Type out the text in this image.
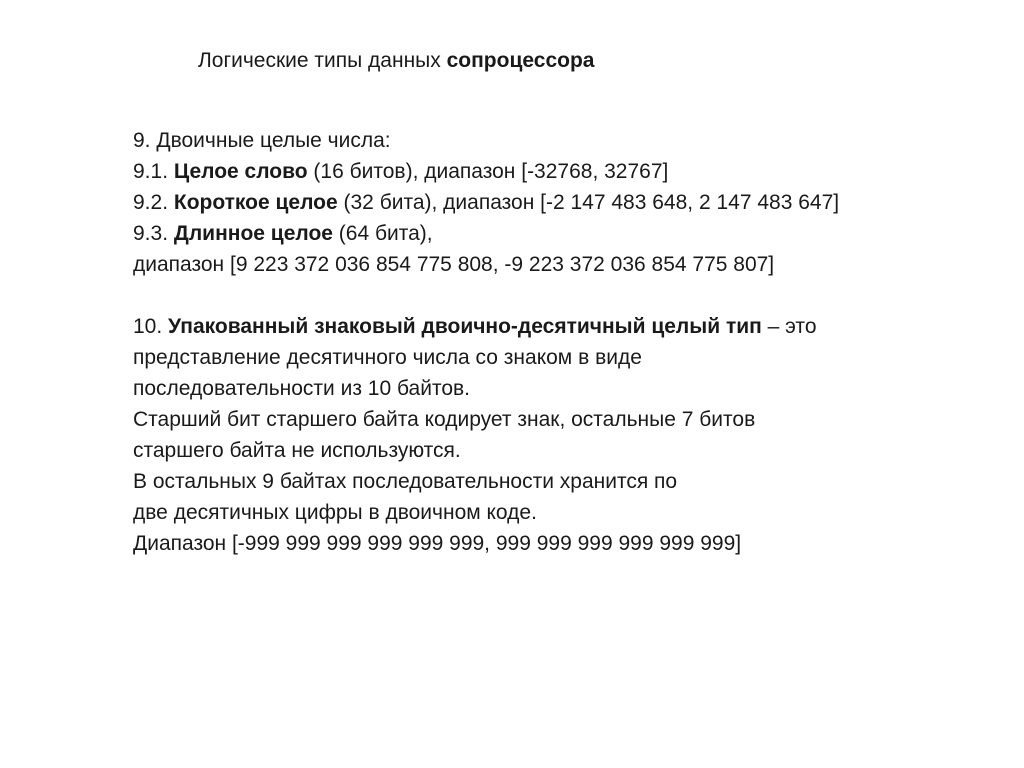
Логические типы данных сопроцессора
9. Двоичные целые числа:
9.1. Целое слово (16 битов), диапазон [-32768, 32767]
9.2. Короткое целое (32 бита), диапазон [-2 147 483 648, 2 147 483 647]
9.3. Длинное целое (64 бита),
диапазон [9 223 372 036 854 775 808, -9 223 372 036 854 775 807]
10. Упакованный знаковый двоично-десятичный целый тип – это
представление десятичного числа со знаком в виде
последовательности из 10 байтов.
Старший бит старшего байта кодирует знак, остальные 7 битов
старшего байта не используются.
В остальных 9 байтах последовательности хранится по
две десятичных цифры в двоичном коде.
Диапазон [-999 999 999 999 999 999, 999 999 999 999 999 999]
